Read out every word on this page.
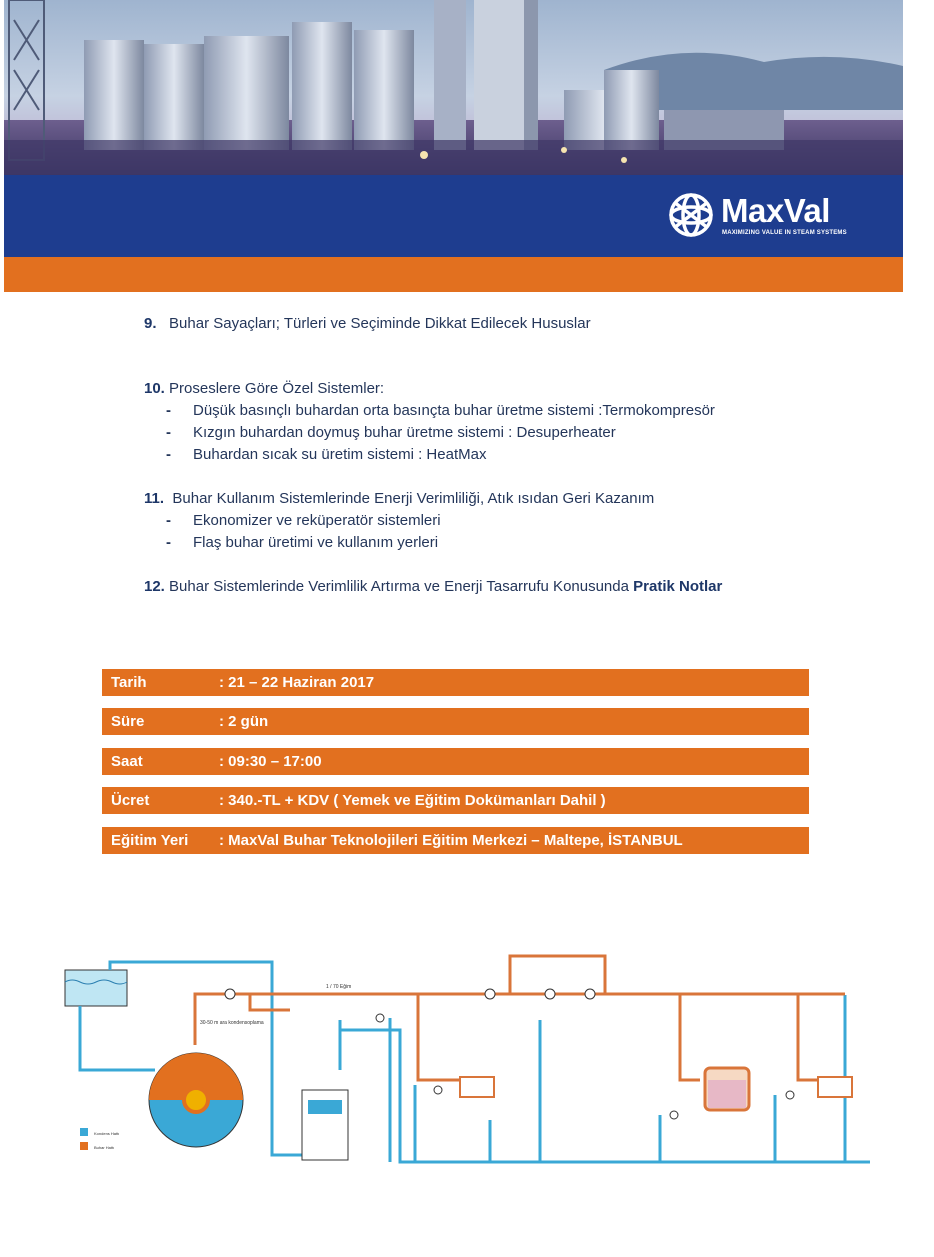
MaxVal
MAXIMIZING VALUE IN STEAM SYSTEMS
9. Buhar Sayaçları; Türleri ve Seçiminde Dikkat Edilecek Hususlar
10. Proseslere Göre Özel Sistemler:
- Düşük basınçlı buhardan orta basınçta buhar üretme sistemi :Termokompresör
- Kızgın buhardan doymuş buhar üretme sistemi : Desuperheater
- Buhardan sıcak su üretim sistemi : HeatMax
11. Buhar Kullanım Sistemlerinde Enerji Verimliliği, Atık ısıdan Geri Kazanım
- Ekonomizer ve reküperatör sistemleri
- Flaş buhar üretimi ve kullanım yerleri
12. Buhar Sistemlerinde Verimlilik Artırma ve Enerji Tasarrufu Konusunda Pratik Notlar
Tarih	: 21 – 22 Haziran 2017
Süre	: 2 gün
Saat	: 09:30 – 17:00
Ücret	: 340.-TL + KDV ( Yemek ve Eğitim Dokümanları Dahil )
Eğitim Yeri : MaxVal Buhar Teknolojileri Eğitim Merkezi – Maltepe, İSTANBUL
1 / 70 Eğim
30-50 m ara kondensoplama
Kondens Hattı
Buhar Hattı
